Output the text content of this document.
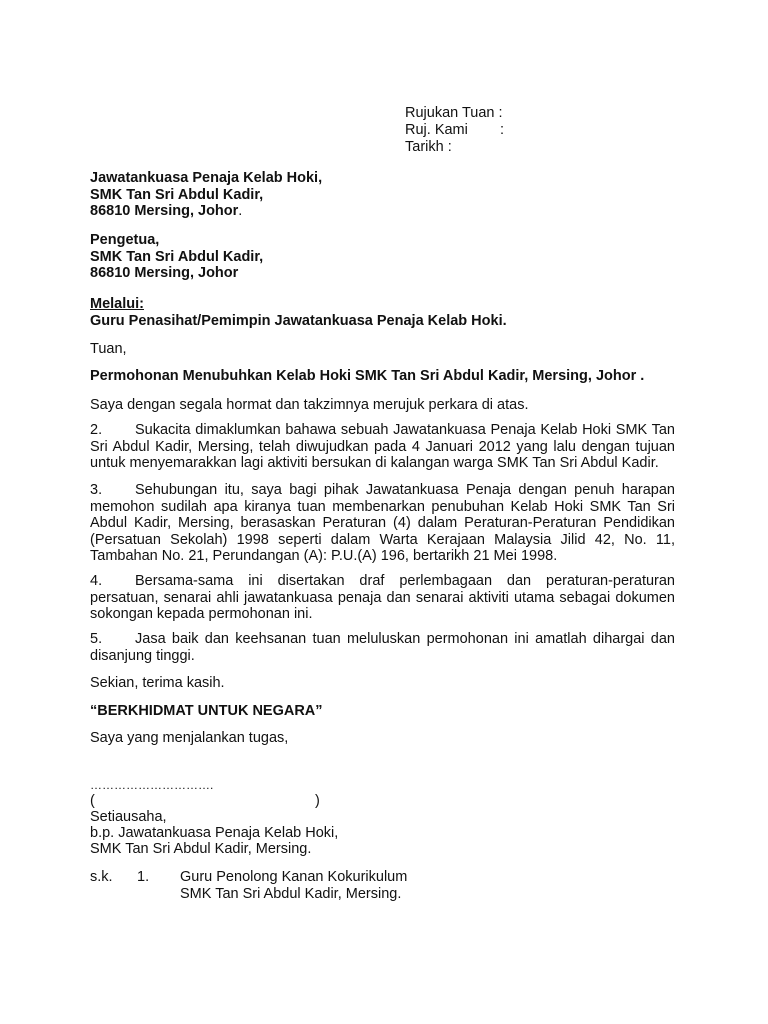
Rujukan Tuan :
Ruj. Kami :
Tarikh :
Jawatankuasa Penaja Kelab Hoki,
SMK Tan Sri Abdul Kadir,
86810 Mersing, Johor.
Pengetua,
SMK Tan Sri Abdul Kadir,
86810 Mersing, Johor
Melalui:
Guru Penasihat/Pemimpin Jawatankuasa Penaja Kelab Hoki.
Tuan,
Permohonan Menubuhkan Kelab Hoki SMK Tan Sri Abdul Kadir, Mersing, Johor .
Saya dengan segala hormat dan takzimnya merujuk perkara di atas.
2. Sukacita dimaklumkan bahawa sebuah Jawatankuasa Penaja Kelab Hoki SMK Tan Sri Abdul Kadir, Mersing, telah diwujudkan pada 4 Januari 2012 yang lalu dengan tujuan untuk menyemarakkan lagi aktiviti bersukan di kalangan warga SMK Tan Sri Abdul Kadir.
3. Sehubungan itu, saya bagi pihak Jawatankuasa Penaja dengan penuh harapan memohon sudilah apa kiranya tuan membenarkan penubuhan Kelab Hoki SMK Tan Sri Abdul Kadir, Mersing, berasaskan Peraturan (4) dalam Peraturan-Peraturan Pendidikan (Persatuan Sekolah) 1998 seperti dalam Warta Kerajaan Malaysia Jilid 42, No. 11, Tambahan No. 21, Perundangan (A): P.U.(A) 196, bertarikh 21 Mei 1998.
4. Bersama-sama ini disertakan draf perlembagaan dan peraturan-peraturan persatuan, senarai ahli jawatankuasa penaja dan senarai aktiviti utama sebagai dokumen sokongan kepada permohonan ini.
5. Jasa baik dan keehsanan tuan meluluskan permohonan ini amatlah dihargai dan disanjung tinggi.
Sekian, terima kasih.
“BERKHIDMAT UNTUK NEGARA”
Saya yang menjalankan tugas,
………………………….
(	)
Setiausaha,
b.p. Jawatankuasa Penaja Kelab Hoki,
SMK Tan Sri Abdul Kadir, Mersing.
s.k. 1. Guru Penolong Kanan Kokurikulum
SMK Tan Sri Abdul Kadir, Mersing.
